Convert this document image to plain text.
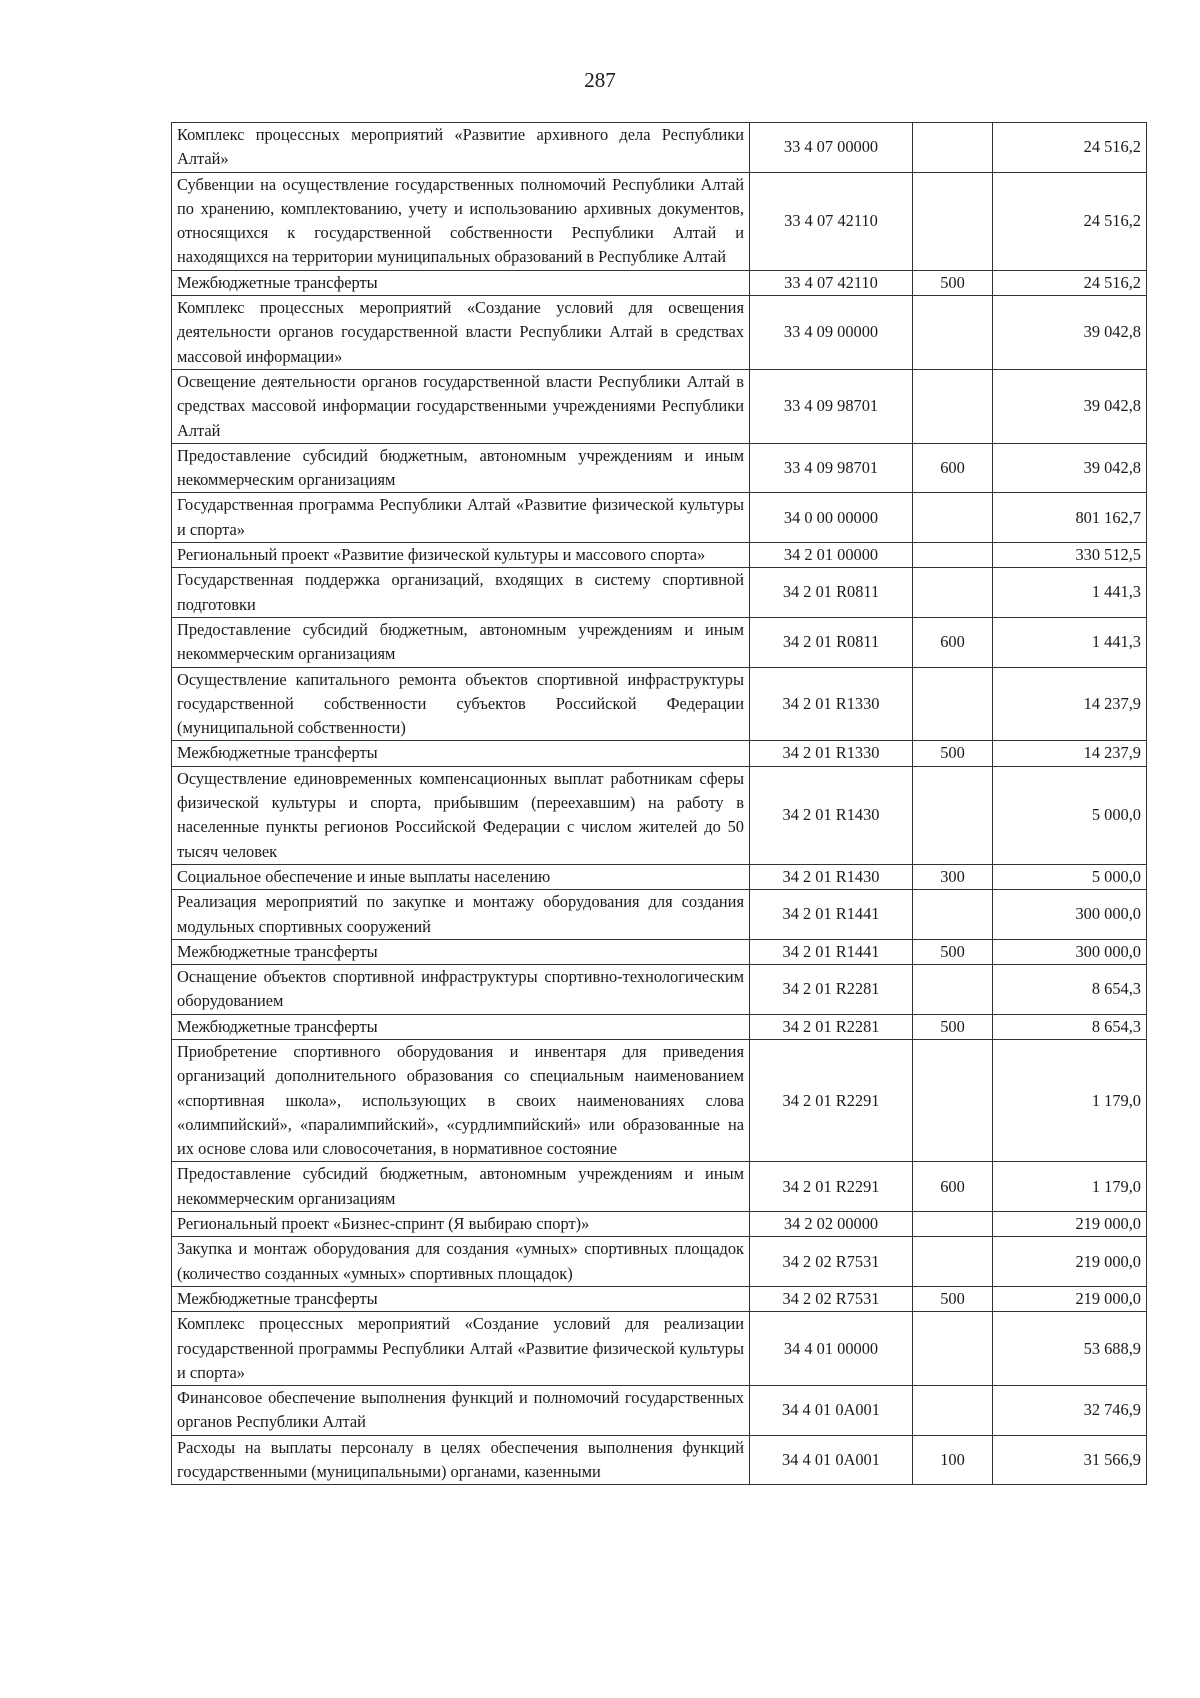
287
Комплекс процессных мероприятий «Развитие архивного дела Республики Алтай»	33 4 07 00000		24 516,2
Субвенции на осуществление государственных полномочий Республики Алтай по хранению, комплектованию, учету и использованию архивных документов, относящихся к государственной собственности Республики Алтай и находящихся на территории муниципальных образований в Республике Алтай	33 4 07 42110		24 516,2
Межбюджетные трансферты	33 4 07 42110	500	24 516,2
Комплекс процессных мероприятий «Создание условий для освещения деятельности органов государственной власти Республики Алтай в средствах массовой информации»	33 4 09 00000		39 042,8
Освещение деятельности органов государственной власти Республики Алтай в средствах массовой информации государственными учреждениями Республики Алтай	33 4 09 98701		39 042,8
Предоставление субсидий бюджетным, автономным учреждениям и иным некоммерческим организациям	33 4 09 98701	600	39 042,8
Государственная программа Республики Алтай «Развитие физической культуры и спорта»	34 0 00 00000		801 162,7
Региональный проект «Развитие физической культуры и массового спорта»	34 2 01 00000		330 512,5
Государственная поддержка организаций, входящих в систему спортивной подготовки	34 2 01 R0811		1 441,3
Предоставление субсидий бюджетным, автономным учреждениям и иным некоммерческим организациям	34 2 01 R0811	600	1 441,3
Осуществление капитального ремонта объектов спортивной инфраструктуры государственной собственности субъектов Российской Федерации (муниципальной собственности)	34 2 01 R1330		14 237,9
Межбюджетные трансферты	34 2 01 R1330	500	14 237,9
Осуществление единовременных компенсационных выплат работникам сферы физической культуры и спорта, прибывшим (переехавшим) на работу в населенные пункты регионов Российской Федерации с числом жителей до 50 тысяч человек	34 2 01 R1430		5 000,0
Социальное обеспечение и иные выплаты населению	34 2 01 R1430	300	5 000,0
Реализация мероприятий по закупке и монтажу оборудования для создания модульных спортивных сооружений	34 2 01 R1441		300 000,0
Межбюджетные трансферты	34 2 01 R1441	500	300 000,0
Оснащение объектов спортивной инфраструктуры спортивно-технологическим оборудованием	34 2 01 R2281		8 654,3
Межбюджетные трансферты	34 2 01 R2281	500	8 654,3
Приобретение спортивного оборудования и инвентаря для приведения организаций дополнительного образования со специальным наименованием «спортивная школа», использующих в своих наименованиях слова «олимпийский», «паралимпийский», «сурдлимпийский» или образованные на их основе слова или словосочетания, в нормативное состояние	34 2 01 R2291		1 179,0
Предоставление субсидий бюджетным, автономным учреждениям и иным некоммерческим организациям	34 2 01 R2291	600	1 179,0
Региональный проект «Бизнес-спринт (Я выбираю спорт)»	34 2 02 00000		219 000,0
Закупка и монтаж оборудования для создания «умных» спортивных площадок (количество созданных «умных» спортивных площадок)	34 2 02 R7531		219 000,0
Межбюджетные трансферты	34 2 02 R7531	500	219 000,0
Комплекс процессных мероприятий «Создание условий для реализации государственной программы Республики Алтай «Развитие физической культуры и спорта»	34 4 01 00000		53 688,9
Финансовое обеспечение выполнения функций и полномочий государственных органов Республики Алтай	34 4 01 0А001		32 746,9
Расходы на выплаты персоналу в целях обеспечения выполнения функций государственными (муниципальными) органами, казенными	34 4 01 0А001	100	31 566,9
